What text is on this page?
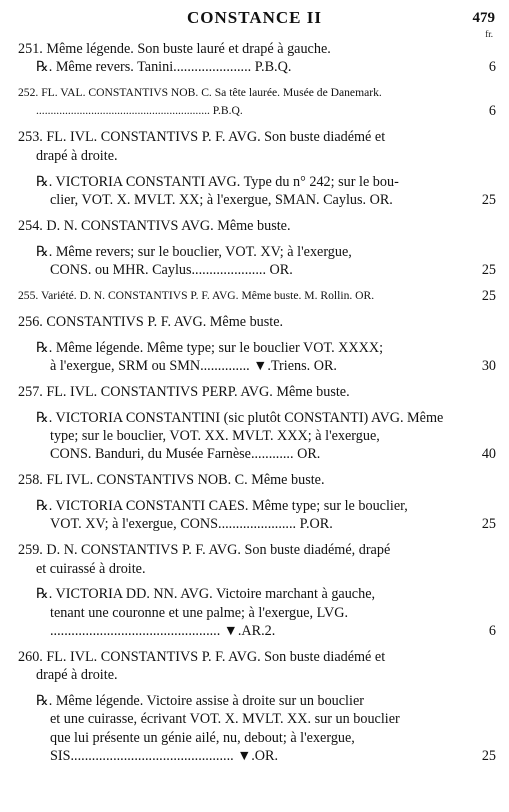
CONSTANCE II	479
fr.
251. Même légende. Son buste lauré et drapé à gauche.
℞. Même revers. Tanini...................... P.B.Q.	6
252. FL. VAL. CONSTANTIVS NOB. C. Sa tête laurée. Musée de Danemark.
............................................................ P.B.Q.	6
253. FL. IVL. CONSTANTIVS P. F. AVG. Son buste diadémé et
drapé à droite.
℞. VICTORIA CONSTANTI AVG. Type du n° 242; sur le bou-
clier, VOT. X. MVLT. XX; à l'exergue, SMAN. Caylus. OR.	25
254. D. N. CONSTANTIVS AVG. Même buste.
℞. Même revers; sur le bouclier, VOT. XV; à l'exergue,
CONS. ou MHR. Caylus..................... OR.	25
255. Variété. D. N. CONSTANTIVS P. F. AVG. Même buste. M. Rollin. OR.	25
256. CONSTANTIVS P. F. AVG. Même buste.
℞. Même légende. Même type; sur le bouclier VOT. XXXX;
à l'exergue, SRM ou SMN.............. ▼.Triens. OR.	30
257. FL. IVL. CONSTANTIVS PERP. AVG. Même buste.
℞. VICTORIA CONSTANTINI (sic plutôt CONSTANTI) AVG. Même
type; sur le bouclier, VOT. XX. MVLT. XXX; à l'exergue,
CONS. Banduri, du Musée Farnèse............ OR.	40
258. FL IVL. CONSTANTIVS NOB. C. Même buste.
℞. VICTORIA CONSTANTI CAES. Même type; sur le bouclier,
VOT. XV; à l'exergue, CONS...................... P.OR.	25
259. D. N. CONSTANTIVS P. F. AVG. Son buste diadémé, drapé
et cuirassé à droite.
℞. VICTORIA DD. NN. AVG. Victoire marchant à gauche,
tenant une couronne et une palme; à l'exergue, LVG.
................................................ ▼.AR.2.	6
260. FL. IVL. CONSTANTIVS P. F. AVG. Son buste diadémé et
drapé à droite.
℞. Même légende. Victoire assise à droite sur un bouclier
et une cuirasse, écrivant VOT. X. MVLT. XX. sur un bouclier
que lui présente un génie ailé, nu, debout; à l'exergue,
SIS.............................................. ▼.OR.	25
